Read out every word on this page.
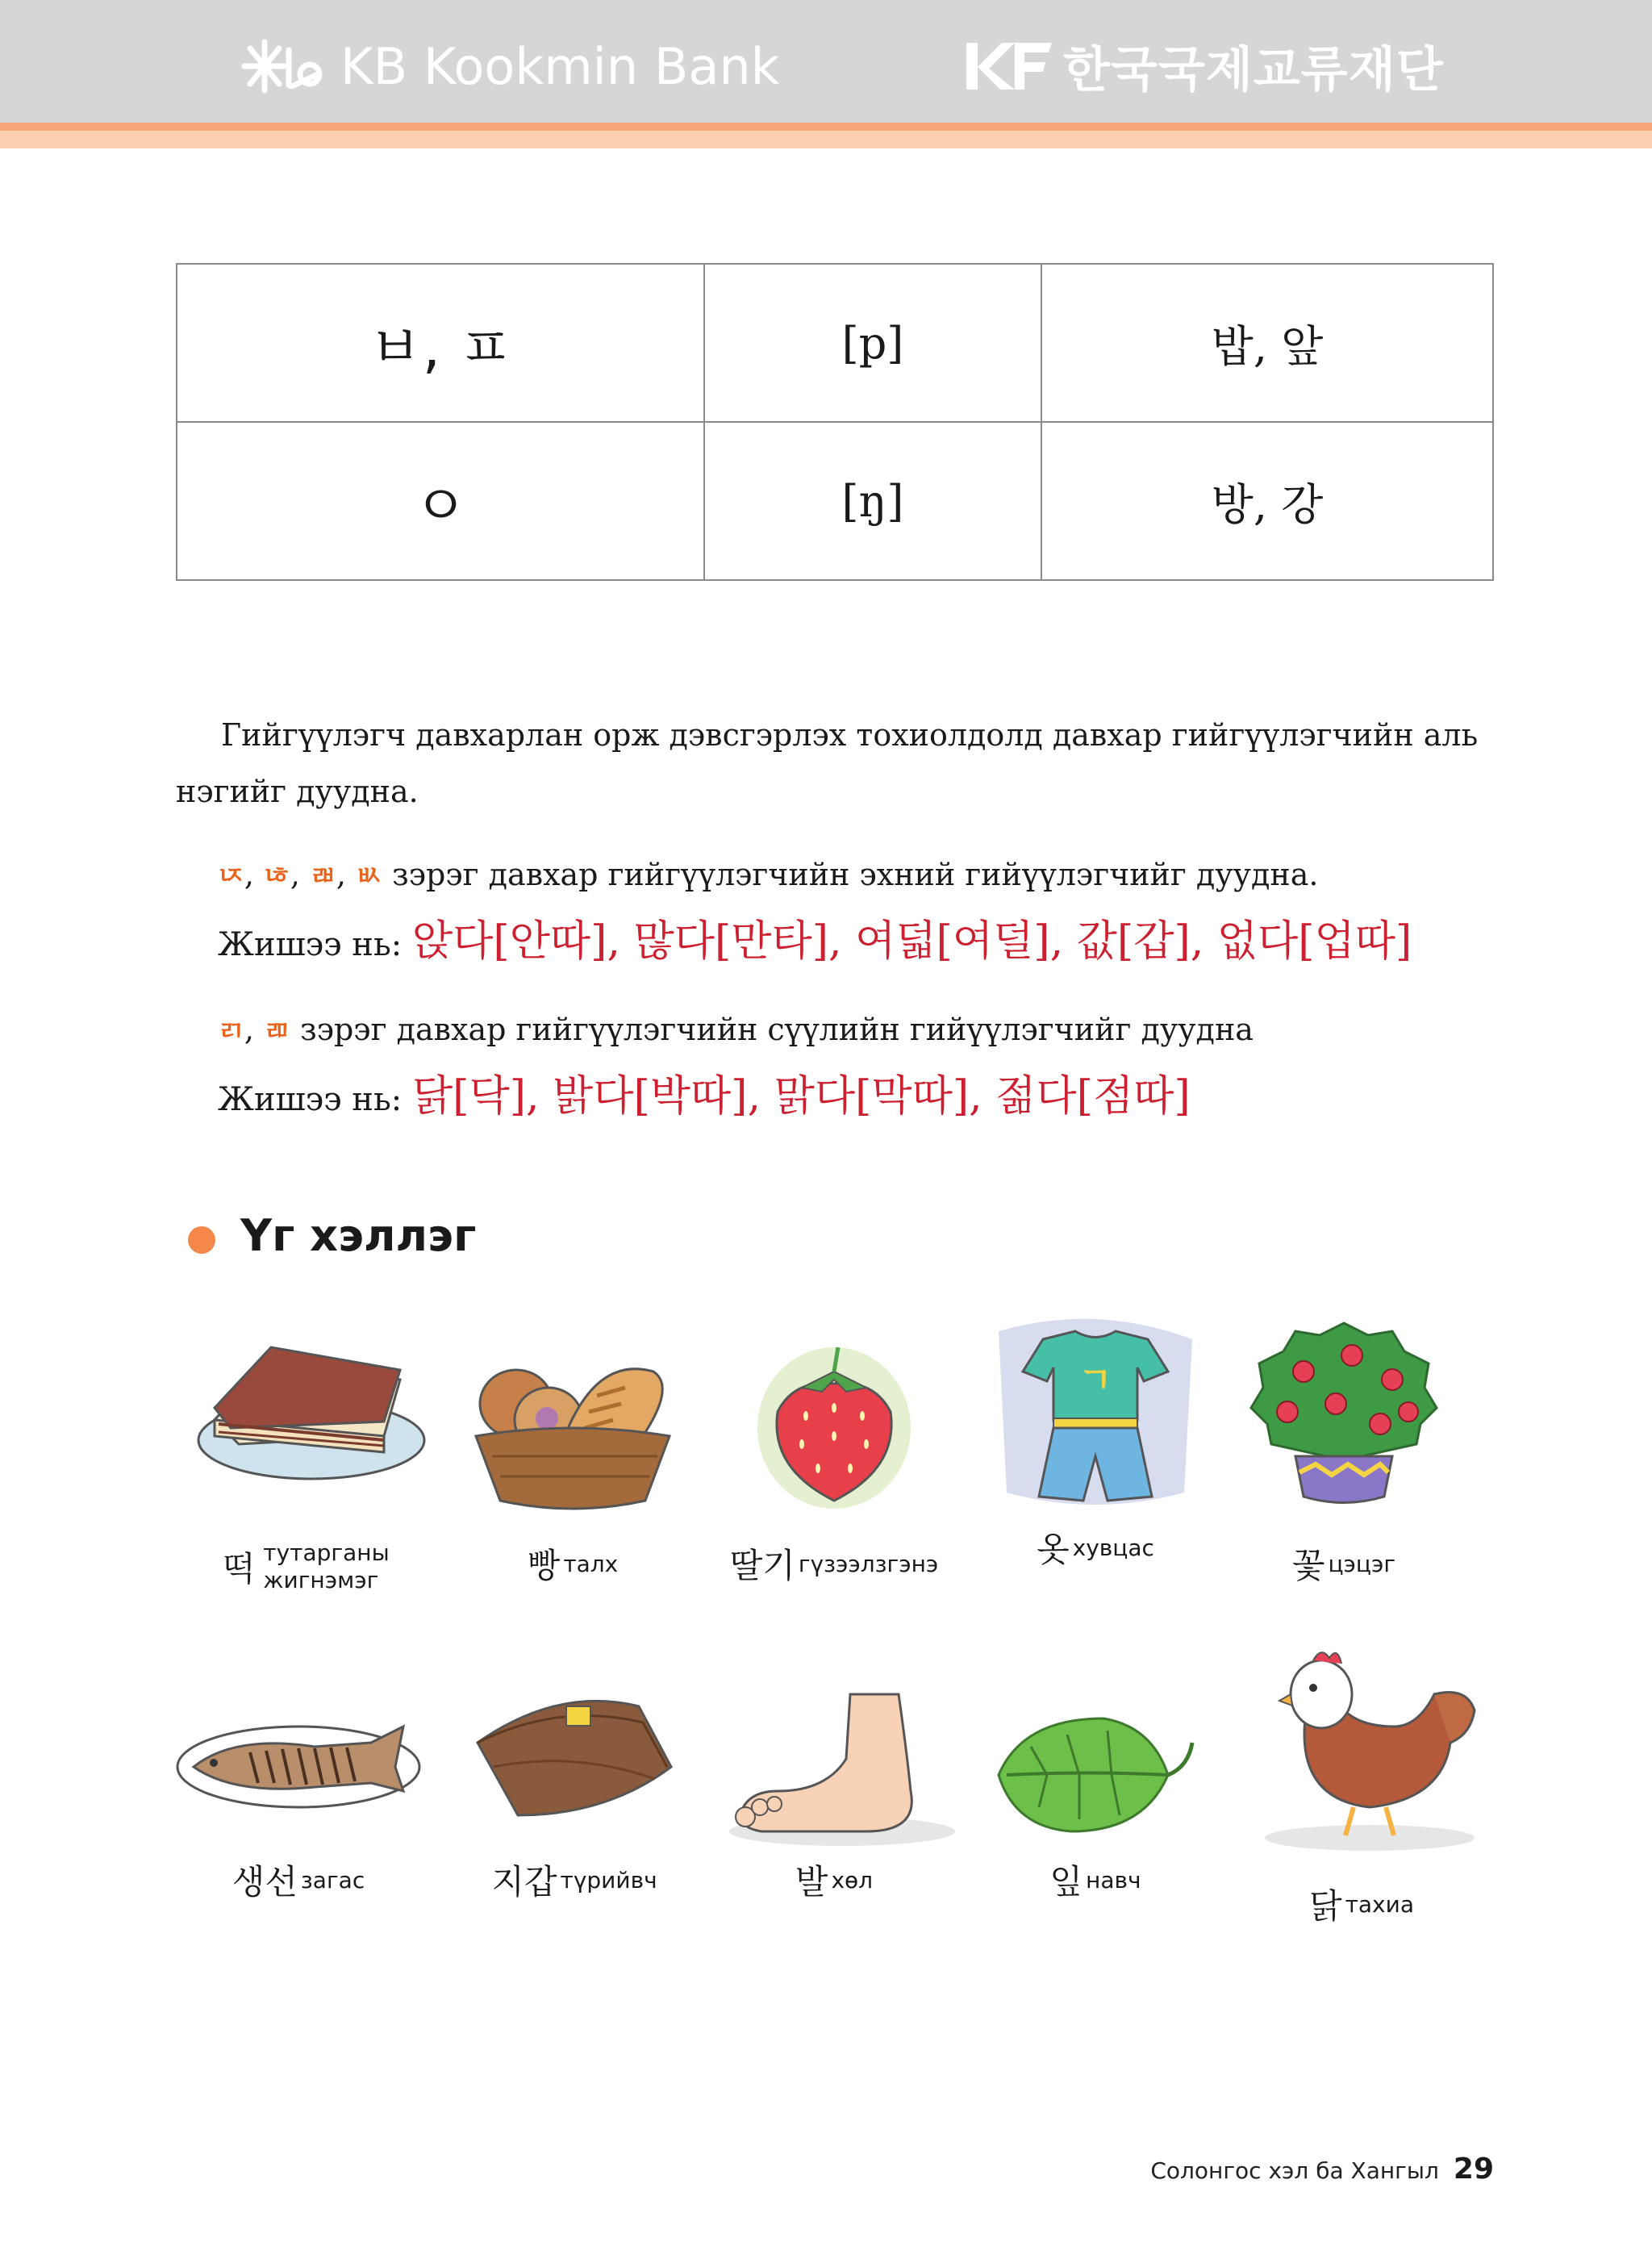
KB Kookmin Bank	한국국제교류재단
ㅂ, ㅍ	[p]	밥, 앞
ㅇ	[ŋ]	방, 강
Гийгүүлэгч давхарлан орж дэвсгэрлэх тохиолдолд давхар гийгүүлэгчийн аль нэгийг дуудна.
ㄵ, ㄶ, ㄼ, ㅄ зэрэг давхар гийгүүлэгчийн эхний гийүүлэгчийг дуудна.
Жишээ нь: 앉다[안따], 많다[만타], 여덟[여덜], 값[갑], 없다[업따]
ㄺ, ㄻ зэрэг давхар гийгүүлэгчийн сүүлийн гийүүлэгчийг дуудна
Жишээ нь: 닭[닥], 밝다[박따], 맑다[막따], 젊다[점따]
Үг хэллэг
떡 тутарганы жигнэмэг	빵талх	딸기 гүзээлзгэнэ
ㄱ
옷хувцас	꽃цэцэг
생선 загас	지갑 түрийвч	발хөл	잎навч
닭тахиа
Солонгос хэл ба Хангыл 29
